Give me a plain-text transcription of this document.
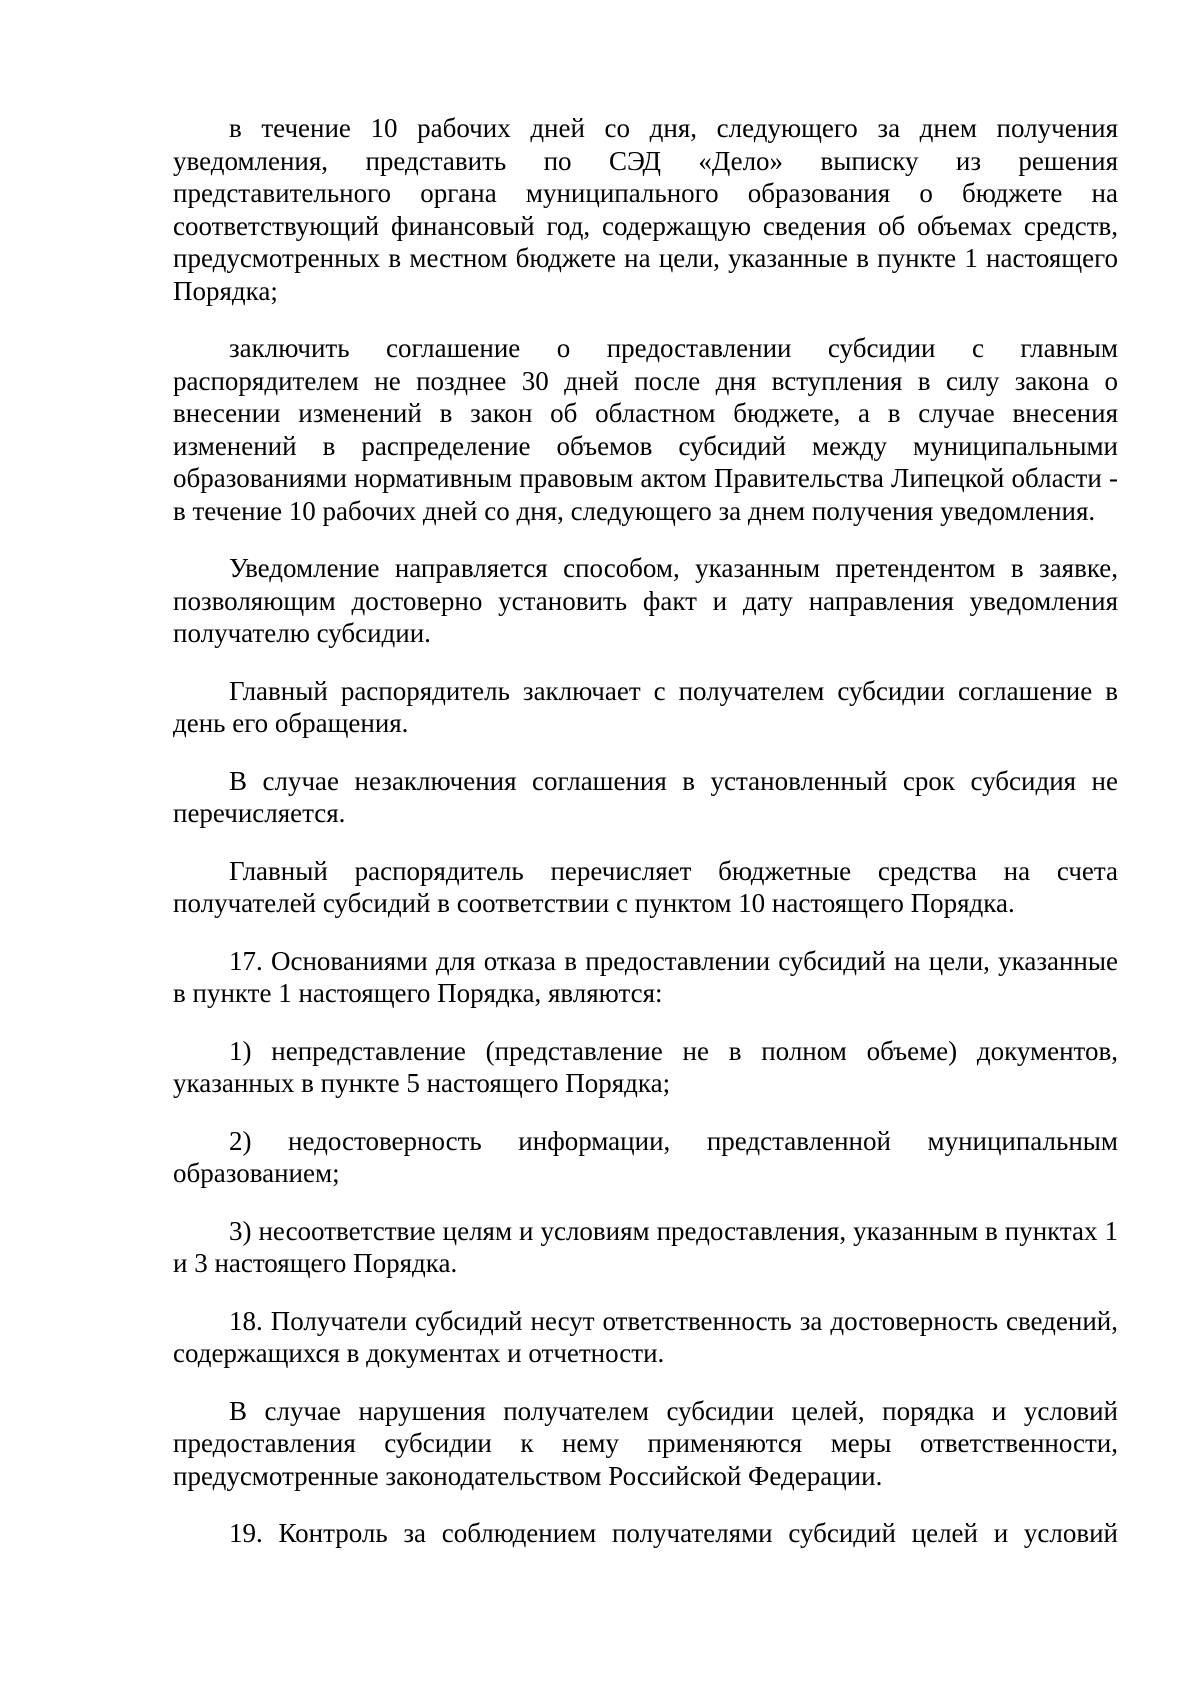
в течение 10 рабочих дней со дня, следующего за днем получения уведомления, представить по СЭД «Дело» выписку из решения представительного органа муниципального образования о бюджете на соответствующий финансовый год, содержащую сведения об объемах средств, предусмотренных в местном бюджете на цели, указанные в пункте 1 настоящего Порядка;

заключить соглашение о предоставлении субсидии с главным распорядителем не позднее 30 дней после дня вступления в силу закона о внесении изменений в закон об областном бюджете, а в случае внесения изменений в распределение объемов субсидий между муниципальными образованиями нормативным правовым актом Правительства Липецкой области - в течение 10 рабочих дней со дня, следующего за днем получения уведомления.

Уведомление направляется способом, указанным претендентом в заявке, позволяющим достоверно установить факт и дату направления уведомления получателю субсидии.

Главный распорядитель заключает с получателем субсидии соглашение в день его обращения.

В случае незаключения соглашения в установленный срок субсидия не перечисляется.

Главный распорядитель перечисляет бюджетные средства на счета получателей субсидий в соответствии с пунктом 10 настоящего Порядка.

17. Основаниями для отказа в предоставлении субсидий на цели, указанные в пункте 1 настоящего Порядка, являются:

1) непредставление (представление не в полном объеме) документов, указанных в пункте 5 настоящего Порядка;

2) недостоверность информации, представленной муниципальным образованием;

3) несоответствие целям и условиям предоставления, указанным в пунктах 1 и 3 настоящего Порядка.

18. Получатели субсидий несут ответственность за достоверность сведений, содержащихся в документах и отчетности.

В случае нарушения получателем субсидии целей, порядка и условий предоставления субсидии к нему применяются меры ответственности, предусмотренные законодательством Российской Федерации.

19. Контроль за соблюдением получателями субсидий целей и условий
